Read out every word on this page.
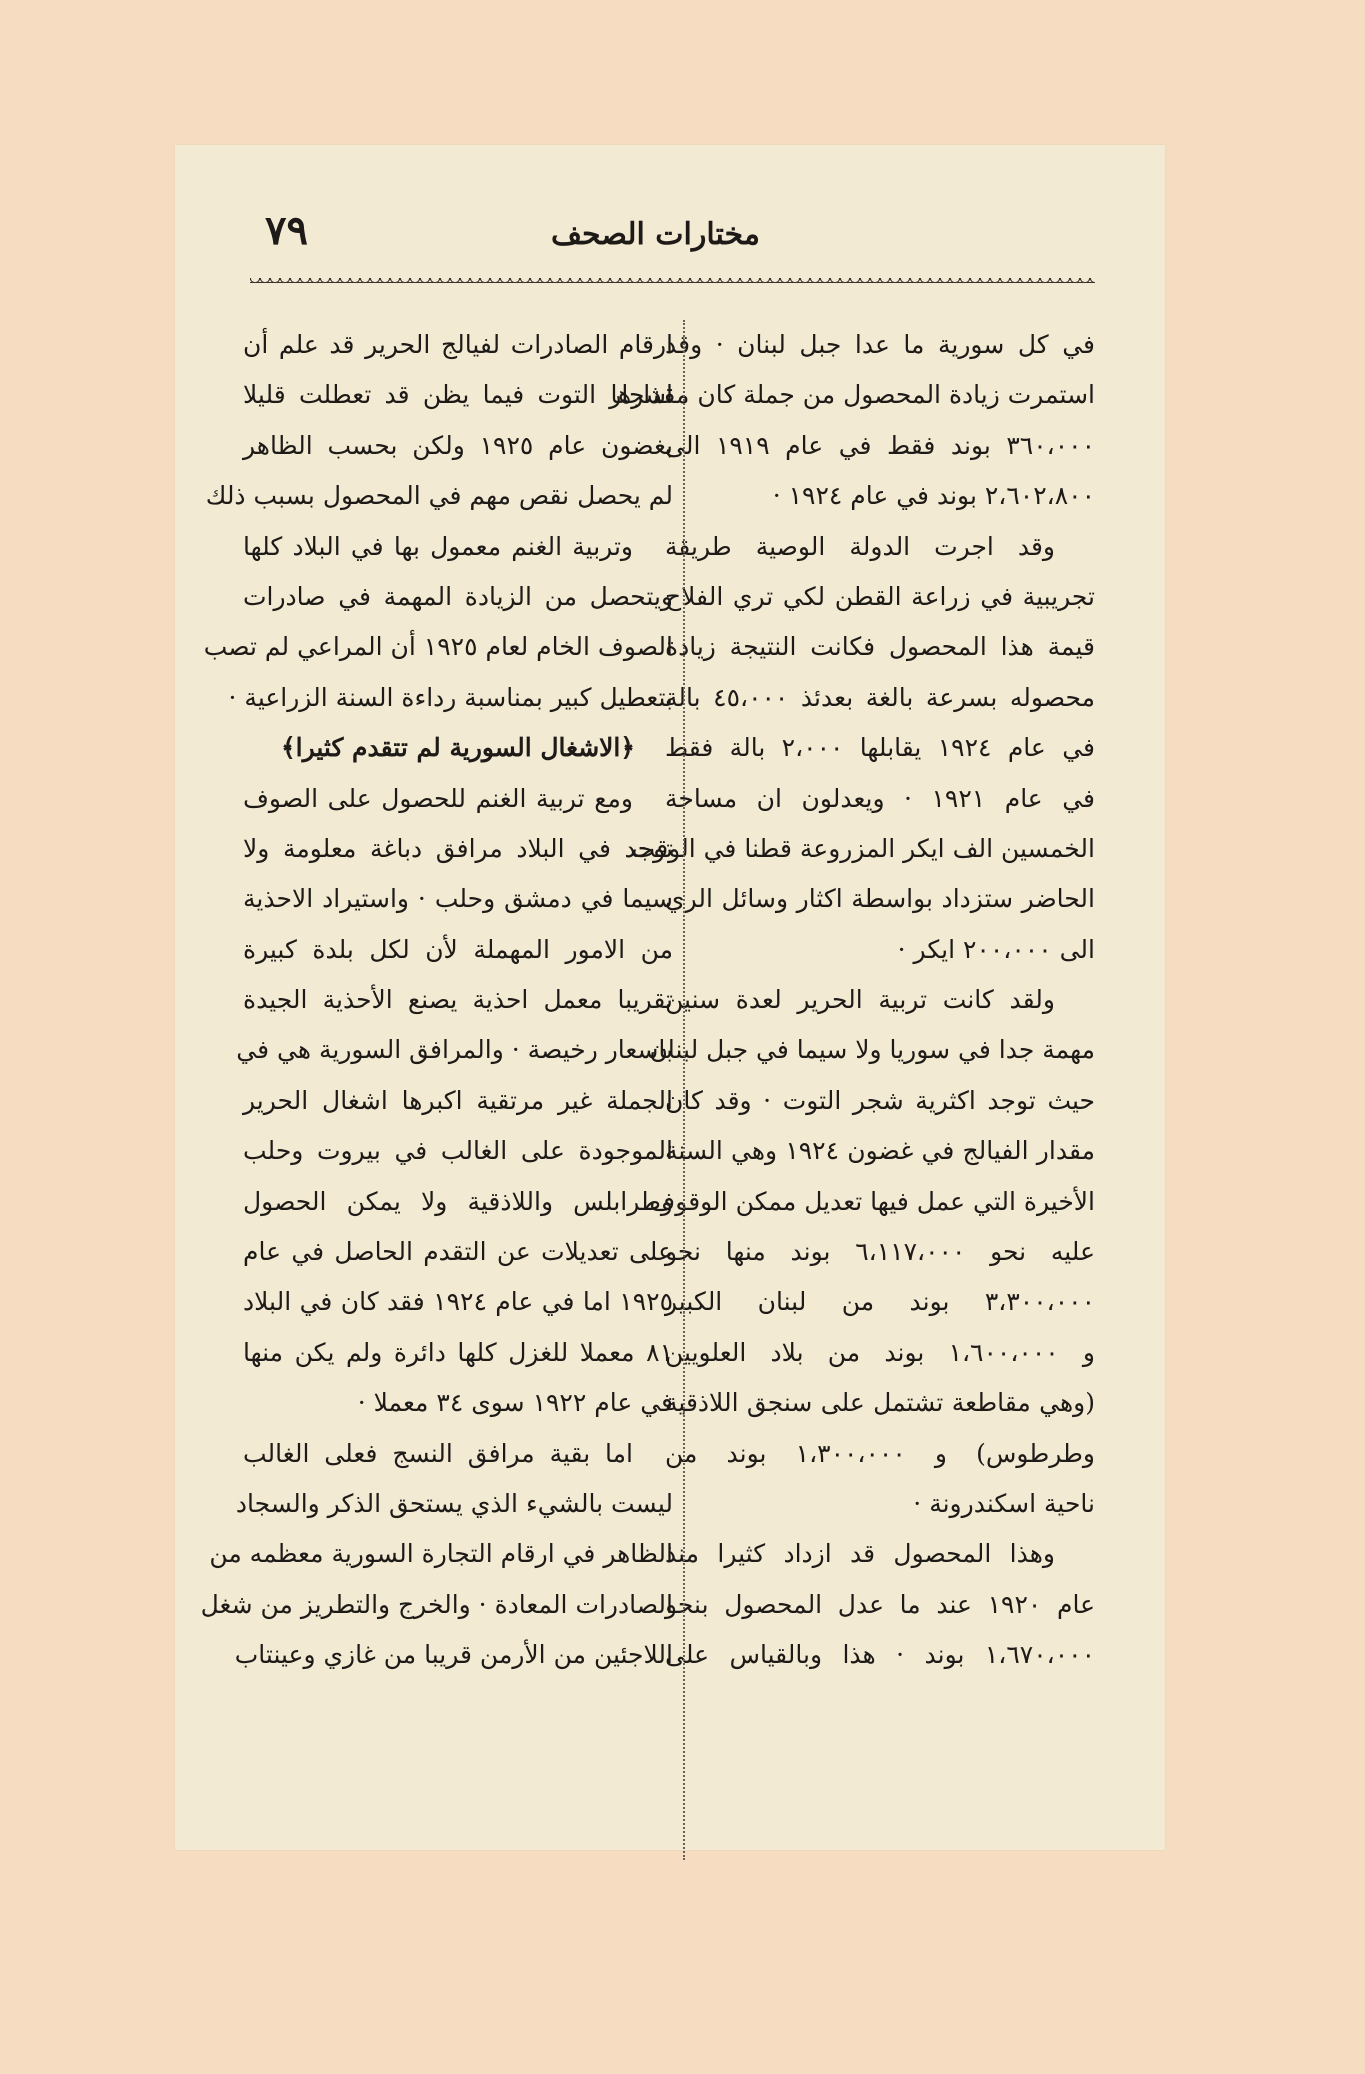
مختارات الصحف
٧٩
في كل سورية ما عدا جبل لبنان · وقد
استمرت زيادة المحصول من جملة كان مقدارها
٣٦٠،٠٠٠ بوند فقط في عام ١٩١٩ الى
٢،٦٠٢،٨٠٠ بوند في عام ١٩٢٤ ·
وقد اجرت الدولة الوصية طريقة
تجريبية في زراعة القطن لكي تري الفلاح
قيمة هذا المحصول فكانت النتيجة زيادة
محصوله بسرعة بالغة بعدئذ ٤٥،٠٠٠ بالة
في عام ١٩٢٤ يقابلها ٢،٠٠٠ بالة فقط
في عام ١٩٢١ · ويعدلون ان مساحة
الخمسين الف ايكر المزروعة قطنا في الوقت
الحاضر ستزداد بواسطة اكثار وسائل الري
الى ٢٠٠،٠٠٠ ايكر ·
ولقد كانت تربية الحرير لعدة سنين
مهمة جدا في سوريا ولا سيما في جبل لبنان
حيث توجد اكثرية شجر التوت · وقد كان
مقدار الفيالج في غضون ١٩٢٤ وهي السنة
الأخيرة التي عمل فيها تعديل ممكن الوقوف
عليه نحو ٦،١١٧،٠٠٠ بوند منها نحو
٣،٣٠٠،٠٠٠ بوند من لبنان الكبير
و ١،٦٠٠،٠٠٠ بوند من بلاد العلويين
(وهي مقاطعة تشتمل على سنجق اللاذقية
وطرطوس) و ١،٣٠٠،٠٠٠ بوند من
ناحية اسكندرونة ·
وهذا المحصول قد ازداد كثيرا منذ
عام ١٩٢٠ عند ما عدل المحصول بنحو
١،٦٧٠،٠٠٠ بوند · هذا وبالقياس على
ارقام الصادرات لفيالج الحرير قد علم أن
اشجار التوت فيما يظن قد تعطلت قليلا
بغضون عام ١٩٢٥ ولكن بحسب الظاهر
لم يحصل نقص مهم في المحصول بسبب ذلك
وتربية الغنم معمول بها في البلاد كلها
ويتحصل من الزيادة المهمة في صادرات
الصوف الخام لعام ١٩٢٥ أن المراعي لم تصب
بتعطيل كبير بمناسبة رداءة السنة الزراعية ·
﴿الاشغال السورية لم تتقدم كثيرا﴾
ومع تربية الغنم للحصول على الصوف
توجد في البلاد مرافق دباغة معلومة ولا
سيما في دمشق وحلب · واستيراد الاحذية
من الامور المهملة لأن لكل بلدة كبيرة
تقريبا معمل احذية يصنع الأحذية الجيدة
باسعار رخيصة · والمرافق السورية هي في
الجملة غير مرتقية اكبرها اشغال الحرير
الموجودة على الغالب في بيروت وحلب
وطرابلس واللاذقية ولا يمكن الحصول
على تعديلات عن التقدم الحاصل في عام
١٩٢٥ اما في عام ١٩٢٤ فقد كان في البلاد
٨١ معملا للغزل كلها دائرة ولم يكن منها
في عام ١٩٢٢ سوى ٣٤ معملا ·
اما بقية مرافق النسج فعلى الغالب
ليست بالشيء الذي يستحق الذكر والسجاد
الظاهر في ارقام التجارة السورية معظمه من
الصادرات المعادة · والخرج والتطريز من شغل
اللاجئين من الأرمن قريبا من غازي وعينتاب
